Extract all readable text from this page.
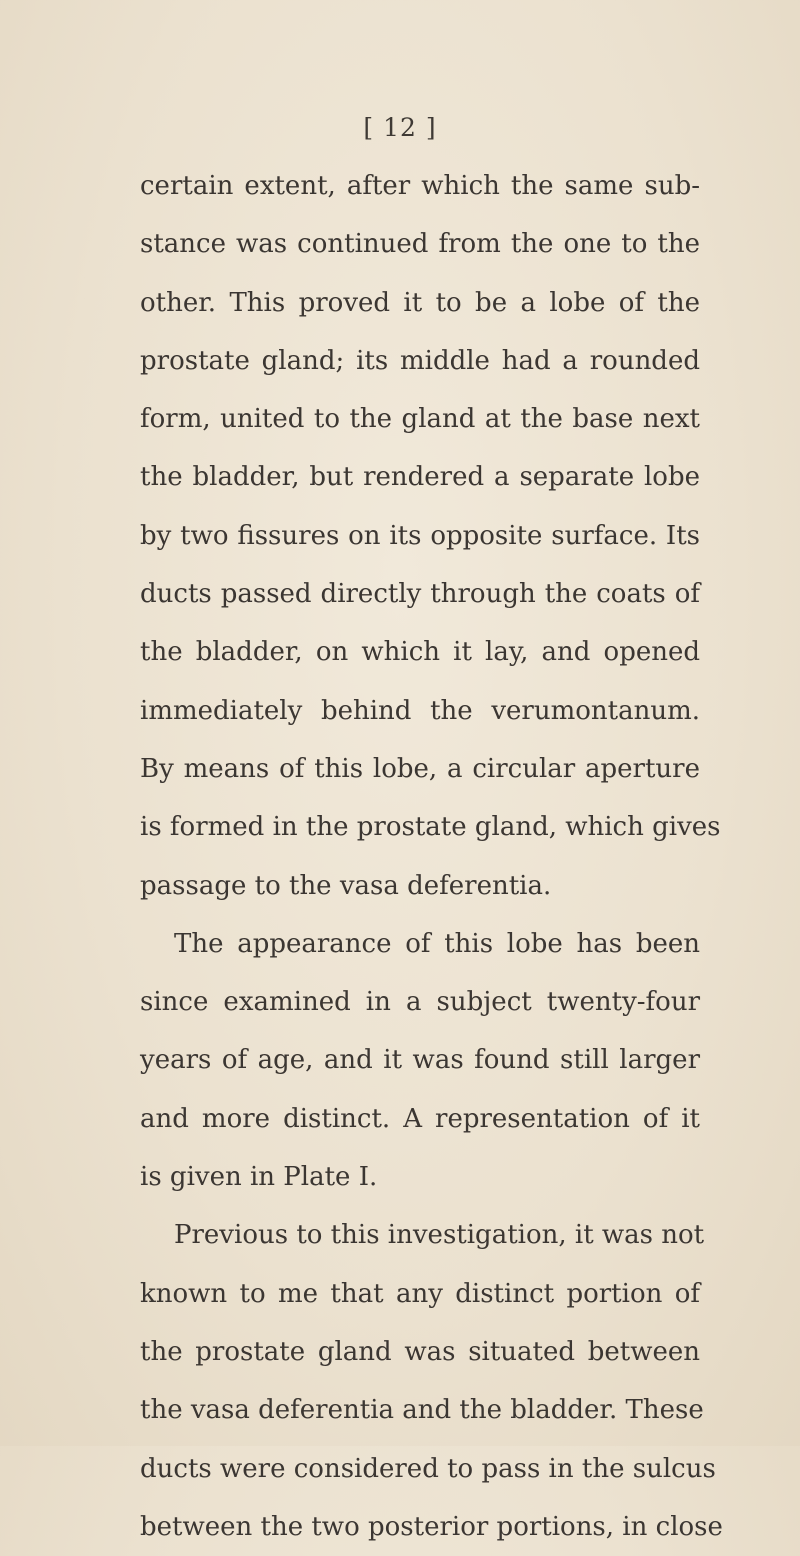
[ 12 ]
certain extent, after which the same sub-
stance was continued from the one to the
other. This proved it to be a lobe of the
prostate gland; its middle had a rounded
form, united to the gland at the base next
the bladder, but rendered a separate lobe
by two fissures on its opposite surface. Its
ducts passed directly through the coats of
the bladder, on which it lay, and opened
immediately behind the verumontanum.
By means of this lobe, a circular aperture
is formed in the prostate gland, which gives
passage to the vasa deferentia.
The appearance of this lobe has been
since examined in a subject twenty-four
years of age, and it was found still larger
and more distinct. A representation of it
is given in Plate I.
Previous to this investigation, it was not
known to me that any distinct portion of
the prostate gland was situated between
the vasa deferentia and the bladder. These
ducts were considered to pass in the sulcus
between the two posterior portions, in close
